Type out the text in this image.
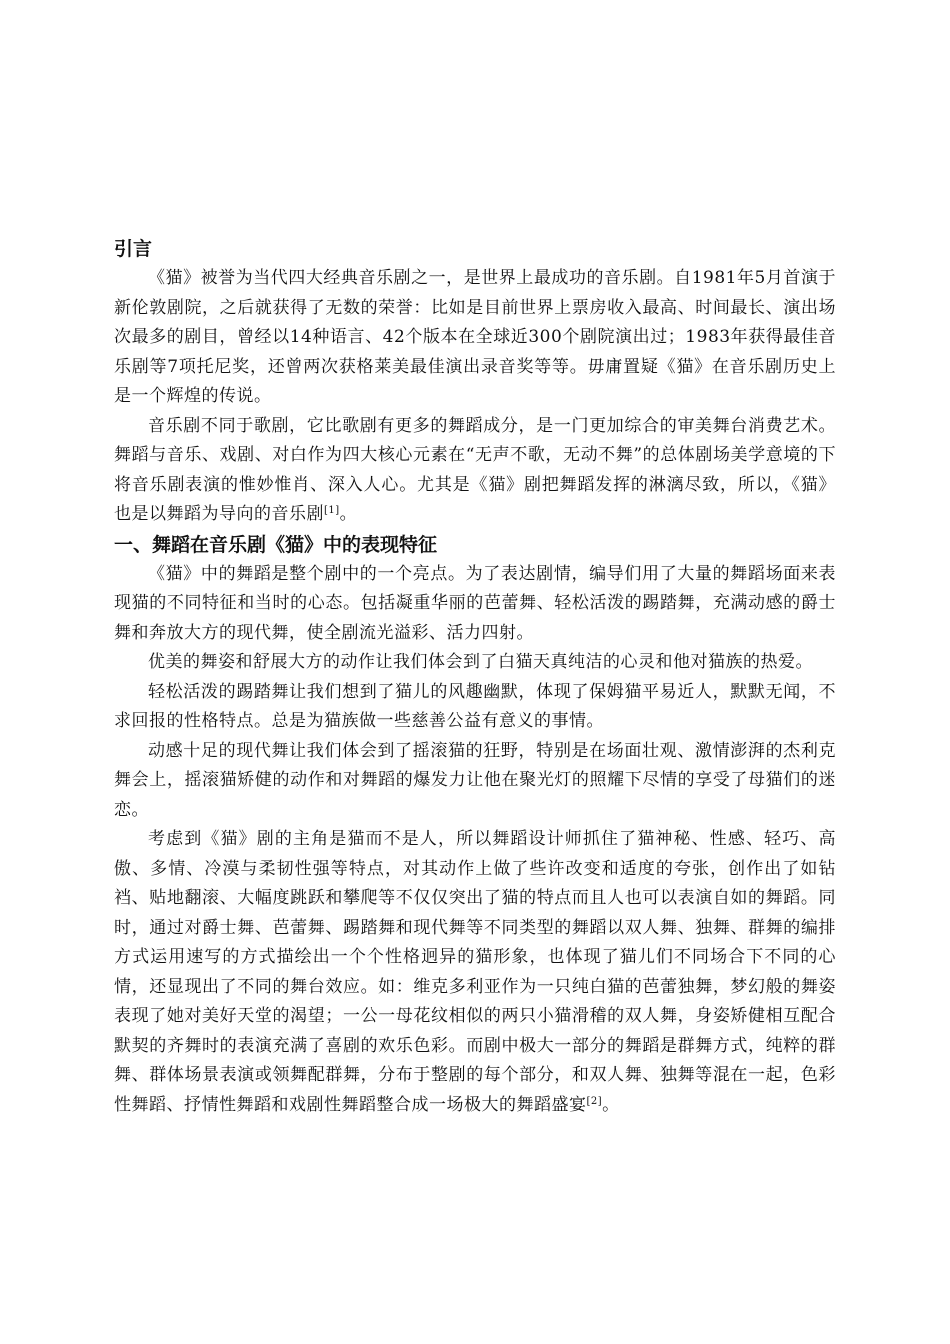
引言

《猫》被誉为当代四大经典音乐剧之一，是世界上最成功的音乐剧。自1981年5月首演于新伦敦剧院，之后就获得了无数的荣誉：比如是目前世界上票房收入最高、时间最长、演出场次最多的剧目，曾经以14种语言、42个版本在全球近300个剧院演出过；1983年获得最佳音乐剧等7项托尼奖，还曾两次获格莱美最佳演出录音奖等等。毋庸置疑《猫》在音乐剧历史上是一个辉煌的传说。

音乐剧不同于歌剧，它比歌剧有更多的舞蹈成分，是一门更加综合的审美舞台消费艺术。舞蹈与音乐、戏剧、对白作为四大核心元素在“无声不歌，无动不舞”的总体剧场美学意境的下将音乐剧表演的惟妙惟肖、深入人心。尤其是《猫》剧把舞蹈发挥的淋漓尽致，所以，《猫》也是以舞蹈为导向的音乐剧[1]。

一、舞蹈在音乐剧《猫》中的表现特征

《猫》中的舞蹈是整个剧中的一个亮点。为了表达剧情，编导们用了大量的舞蹈场面来表现猫的不同特征和当时的心态。包括凝重华丽的芭蕾舞、轻松活泼的踢踏舞，充满动感的爵士舞和奔放大方的现代舞，使全剧流光溢彩、活力四射。

优美的舞姿和舒展大方的动作让我们体会到了白猫天真纯洁的心灵和他对猫族的热爱。

轻松活泼的踢踏舞让我们想到了猫儿的风趣幽默，体现了保姆猫平易近人，默默无闻，不求回报的性格特点。总是为猫族做一些慈善公益有意义的事情。

动感十足的现代舞让我们体会到了摇滚猫的狂野，特别是在场面壮观、激情澎湃的杰利克舞会上，摇滚猫矫健的动作和对舞蹈的爆发力让他在聚光灯的照耀下尽情的享受了母猫们的迷恋。

考虑到《猫》剧的主角是猫而不是人，所以舞蹈设计师抓住了猫神秘、性感、轻巧、高傲、多情、冷漠与柔韧性强等特点，对其动作上做了些许改变和适度的夸张，创作出了如钻裆、贴地翻滚、大幅度跳跃和攀爬等不仅仅突出了猫的特点而且人也可以表演自如的舞蹈。同时，通过对爵士舞、芭蕾舞、踢踏舞和现代舞等不同类型的舞蹈以双人舞、独舞、群舞的编排方式运用速写的方式描绘出一个个性格迥异的猫形象，也体现了猫儿们不同场合下不同的心情，还显现出了不同的舞台效应。如：维克多利亚作为一只纯白猫的芭蕾独舞，梦幻般的舞姿表现了她对美好天堂的渴望；一公一母花纹相似的两只小猫滑稽的双人舞，身姿矫健相互配合默契的齐舞时的表演充满了喜剧的欢乐色彩。而剧中极大一部分的舞蹈是群舞方式，纯粹的群舞、群体场景表演或领舞配群舞，分布于整剧的每个部分，和双人舞、独舞等混在一起，色彩性舞蹈、抒情性舞蹈和戏剧性舞蹈整合成一场极大的舞蹈盛宴[2]。
